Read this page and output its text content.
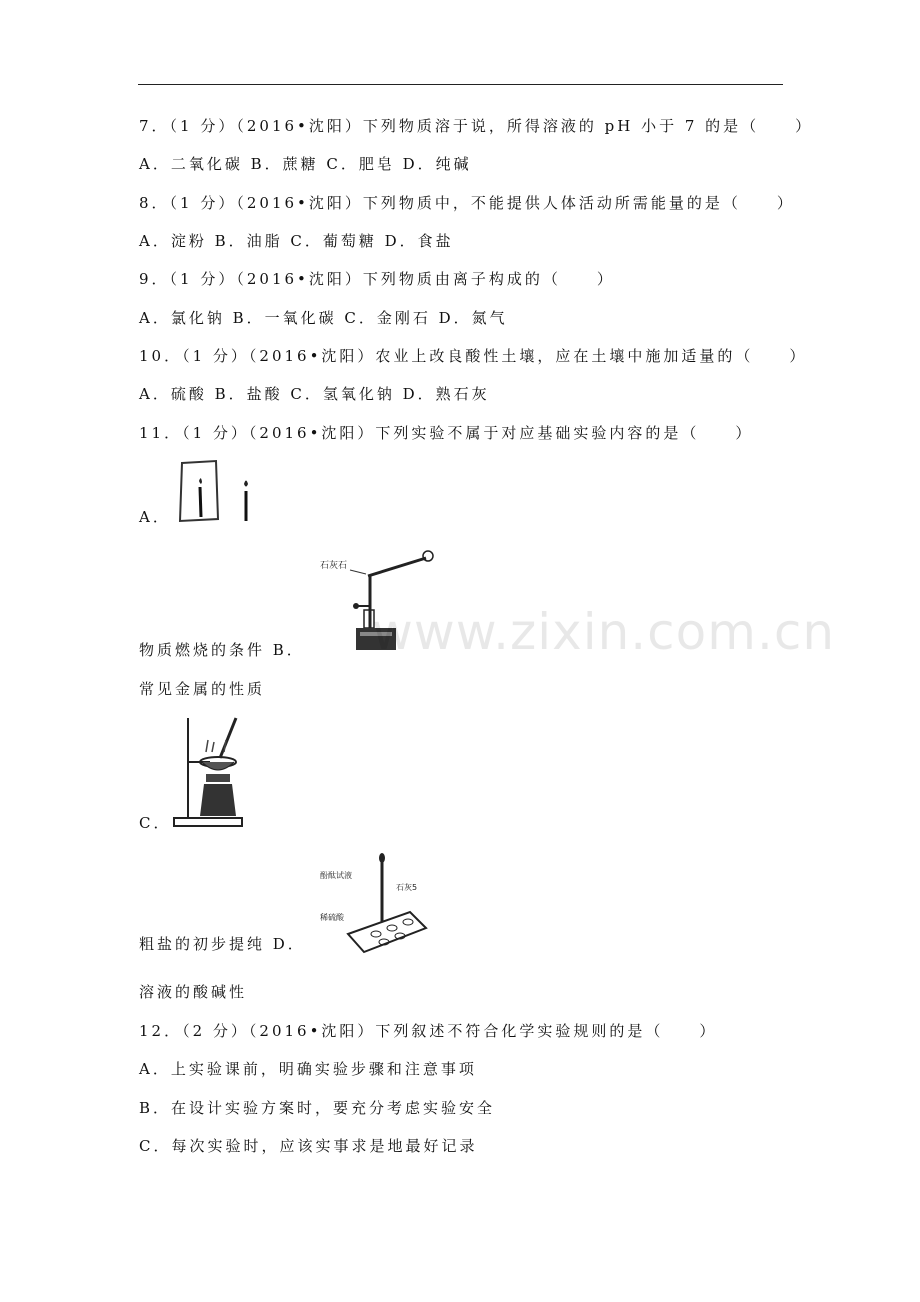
7．（1 分）（2016•沈阳）下列物质溶于说，所得溶液的 pH 小于 7 的是（　　）
A．二氧化碳 B．蔗糖 C．肥皂 D．纯碱
8．（1 分）（2016•沈阳）下列物质中，不能提供人体活动所需能量的是（　　）
A．淀粉 B．油脂 C．葡萄糖 D．食盐
9．（1 分）（2016•沈阳）下列物质由离子构成的（　　）
A．氯化钠 B．一氧化碳 C．金刚石 D．氮气
10．（1 分）（2016•沈阳）农业上改良酸性土壤，应在土壤中施加适量的（　　）
A．硫酸 B．盐酸 C．氢氧化钠 D．熟石灰
11．（1 分）（2016•沈阳）下列实验不属于对应基础实验内容的是（　　）
A．
石灰石
www.zixin.com.cn
物质燃烧的条件 B．
常见金属的性质
C．
酚酞试液
石灰5
稀硫酸
粗盐的初步提纯 D．
溶液的酸碱性
12．（2 分）（2016•沈阳）下列叙述不符合化学实验规则的是（　　）
A．上实验课前，明确实验步骤和注意事项
B．在设计实验方案时，要充分考虑实验安全
C．每次实验时，应该实事求是地最好记录
